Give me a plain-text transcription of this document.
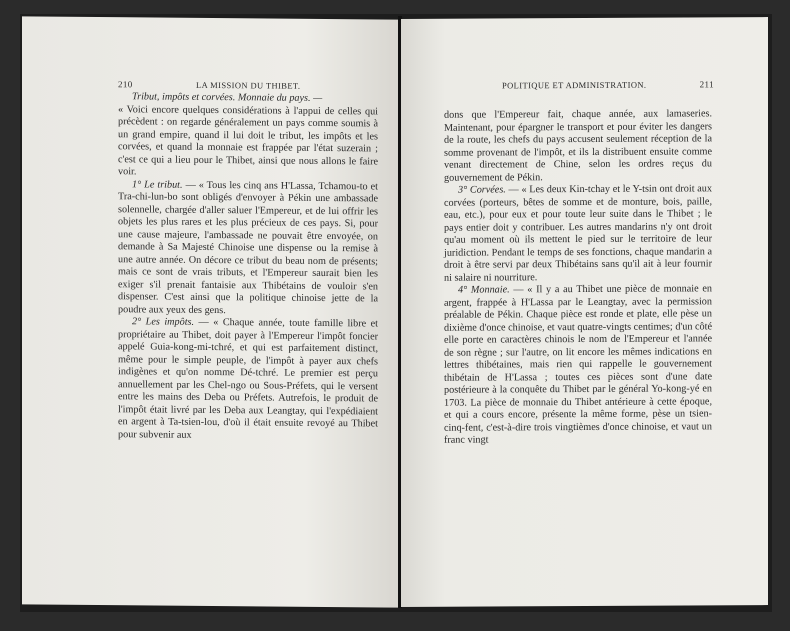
210	LA MISSION DU THIBET.

Tribut, impôts et corvées. Monnaie du pays. —

« Voici encore quelques considérations à l'appui de celles qui précèdent : on regarde généralement un pays comme soumis à un grand empire, quand il lui doit le tribut, les impôts et les corvées, et quand la monnaie est frappée par l'état suzerain ; c'est ce qui a lieu pour le Thibet, ainsi que nous allons le faire voir.

1° Le tribut. — « Tous les cinq ans H'Lassa, Tchamou-to et Tra-chi-lun-bo sont obligés d'envoyer à Pékin une ambassade solennelle, chargée d'aller saluer l'Empereur, et de lui offrir les objets les plus rares et les plus précieux de ces pays. Si, pour une cause majeure, l'ambassade ne pouvait être envoyée, on demande à Sa Majesté Chinoise une dispense ou la remise à une autre année. On décore ce tribut du beau nom de présents; mais ce sont de vrais tributs, et l'Empereur saurait bien les exiger s'il prenait fantaisie aux Thibétains de vouloir s'en dispenser. C'est ainsi que la politique chinoise jette de la poudre aux yeux des gens.

2° Les impôts. — « Chaque année, toute famille libre et propriétaire au Thibet, doit payer à l'Empereur l'impôt foncier appelé Guia-kong-mi-tchré, et qui est parfaitement distinct, même pour le simple peuple, de l'impôt à payer aux chefs indigènes et qu'on nomme Dé-tchré. Le premier est perçu annuellement par les Chel-ngo ou Sous-Préfets, qui le versent entre les mains des Deba ou Préfets. Autrefois, le produit de l'impôt était livré par les Deba aux Leangtay, qui l'expédiaient en argent à Ta-tsien-lou, d'où il était ensuite revoyé au Thibet pour subvenir aux

POLITIQUE ET ADMINISTRATION.	211

dons que l'Empereur fait, chaque année, aux lamaseries. Maintenant, pour épargner le transport et pour éviter les dangers de la route, les chefs du pays accusent seulement réception de la somme provenant de l'impôt, et ils la distribuent ensuite comme venant directement de Chine, selon les ordres reçus du gouvernement de Pékin.

3° Corvées. — « Les deux Kin-tchay et le Y-tsin ont droit aux corvées (porteurs, bêtes de somme et de monture, bois, paille, eau, etc.), pour eux et pour toute leur suite dans le Thibet ; le pays entier doit y contribuer. Les autres mandarins n'y ont droit qu'au moment où ils mettent le pied sur le territoire de leur juridiction. Pendant le temps de ses fonctions, chaque mandarin a droit à être servi par deux Thibétains sans qu'il ait à leur fournir ni salaire ni nourriture.

4° Monnaie. — « Il y a au Thibet une pièce de monnaie en argent, frappée à H'Lassa par le Leangtay, avec la permission préalable de Pékin. Chaque pièce est ronde et plate, elle pèse un dixième d'once chinoise, et vaut quatre-vingts centimes; d'un côté elle porte en caractères chinois le nom de l'Empereur et l'année de son règne ; sur l'autre, on lit encore les mêmes indications en lettres thibétaines, mais rien qui rappelle le gouvernement thibétain de H'Lassa ; toutes ces pièces sont d'une date postérieure à la conquête du Thibet par le général Yo-kong-yé en 1703. La pièce de monnaie du Thibet antérieure à cette époque, et qui a cours encore, présente la même forme, pèse un tsien-cinq-fent, c'est-à-dire trois vingtièmes d'once chinoise, et vaut un franc vingt
